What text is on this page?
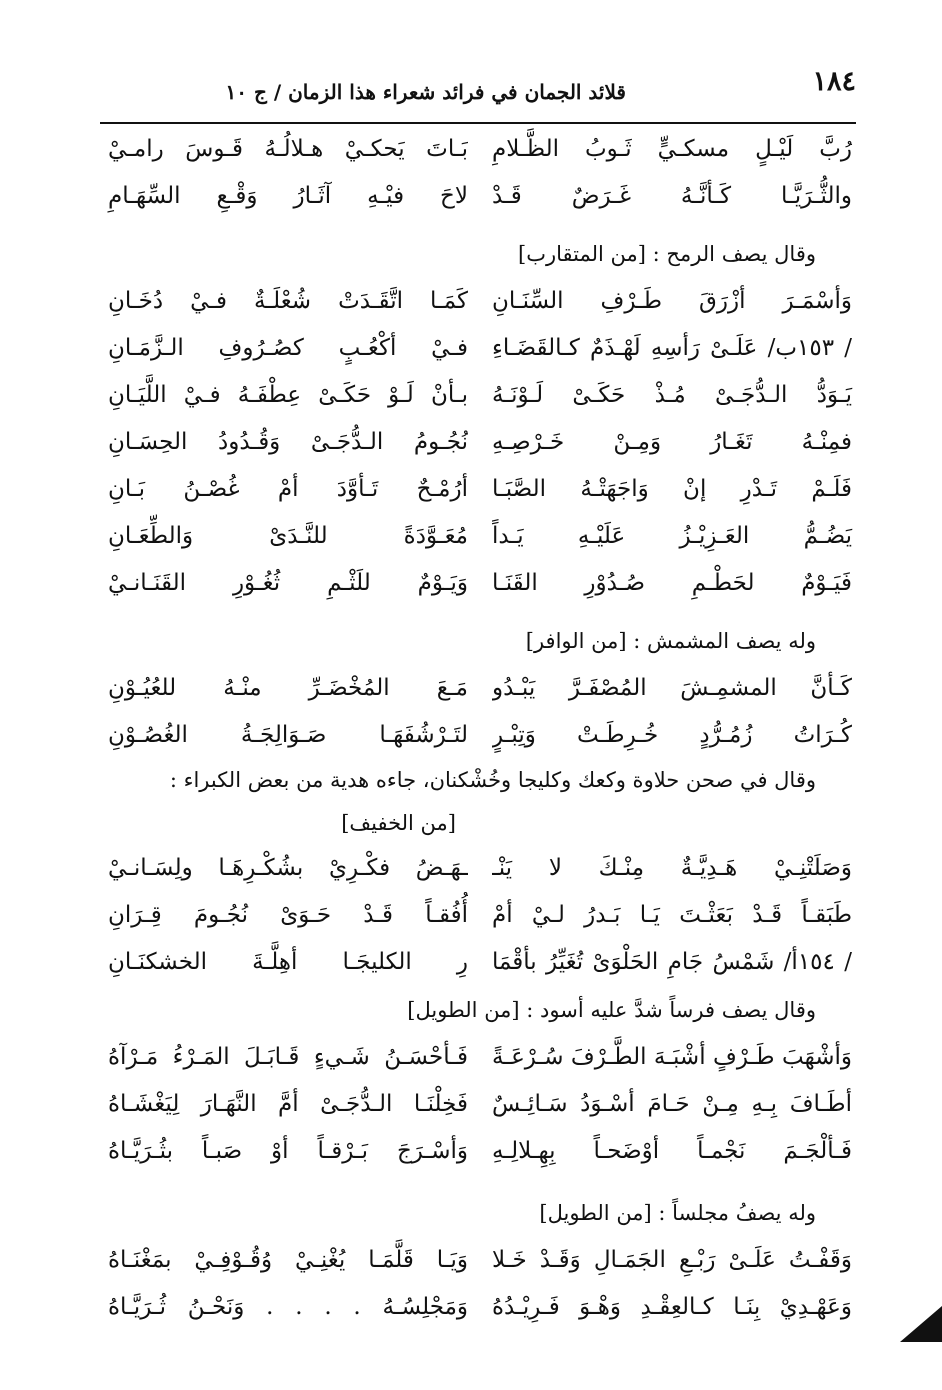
١٨٤
قلائد الجمان في فرائد شعراء هذا الزمان / ج ١٠
رُبَّ لَيْـلٍ مسكـيٍّ ثَـوبُ الظَّـلامِ
بَـاتَ يَحكـيْ هـلالُـهُ قَـوسَ رامـيْ
والثُّـرَيَّـا كَـأنَّـهُ غَـرَضٌ قَـدْ
لاحَ فيْـهِ آثَـارُ وَقْـعِ السِّهَـامِ
وقال يصف الرمح : [من المتقارب]
وَأسْمَـرَ أزْرَقَ طَـرْفِ السِّنَـانِ
كَمَـا اتَّقَـدَتْ شُعْلَـةٌ فـيْ دُخَـانِ
/ ١٥٣ب/ عَلَـىْ رَأسِهِ لَهْـذَمٌ كـالقَضَـاءِ
فـيْ أكْعُـبٍ كصُـرُوفِ الـزَّمَـانِ
يَـوَدُّ الـدُّجَـىْ مُـذْ حَكَـىْ لَـوْنَـهُ
بـأنْ لَـوْ حَكَـىْ عِطْفَـهُ فـيْ اللَّيَـانِ
فمِنْـهُ تَغَـارُ وَمِـنْ خَـرْصِـهِ
نُجُـومُ الـدُّجَـىْ وَقُـدُودُ الحِسَـانِ
فَلَـمْ تَـدْرِ إنْ وَاجَهَتْـهُ الصَّبَـا
أرُمْـحٌ تَـأوَّدَ أمْ غُصْـنُ بَـانِ
يَضُـمُّ العَـزِيْـزُ عَلَيْـهِ يَـداً
مُعَـوَّدَةً للنَّـدَىْ وَالطِّعَـانِ
فَيَـوْمٌ لحَطْـمِ صُـدُوْرِ القَنَـا
وَيَـوْمٌ للَثْـمِ ثُغُـوْرِ القَنَـانـيْ
وله يصف المشمش : [من الوافر]
كَـأنَّ المشمِـشَ المُصْفَـرَّ يَبْـدُو
مَـعَ المُخْضَـرِّ منْـهُ للعُيُـوْنِ
كُـرَاتُ زُمُـرُّدٍ خُـرِطَـتْ وَتِبْـرٍ
لتَـرْشُفَهَـا صَـوَالِجَـةُ الغُصُـوْنِ
وقال في صحن حلاوة وكعك وكليجا وخُشْكنان، جاءه هدية من بعض الكبراء :
[من الخفيف]
وَصَلَتْنِـيْ هَـدِيَّـةٌ مِنْـكَ لا يَنْـ
ـهَـضُ فكْـرِيْ بشُكْـرِهَـا ولِسَـانـيْ
طَبَقـاً قَـدْ بَعَثْـتَ يَـا بَـدرُ لـيْ أمْ
أُفُقـاً قَـدْ حَـوَىْ نُجُـومَ قِـرَانِ
/ ١٥٤أ/ شَمْسُ جَامِ الحَلْوَىْ تُغَيِّرُ بأقْمَا
رِ الكليجَـا أهِلَّـةَ الخشكنَـانِ
وقال يصف فرساً شدَّ عليه أسود : [من الطويل]
وَأشْهَبَ طَـرْفٍ أشْبَـهَ الطَّـرْفَ سُـرْعَـةً
فَـأحْسَـنُ شَـيءٍ قَـابَـلَ المَـرْءُ مَـرْآهُ
أطَـافَ بِـهِ مِـنْ حَـامَ أسْـوَدُ سَـائِـسٌ
فَخِلْنَـا الـدُّجَـىْ أمَّ النَّهَـارَ لِيَغْشَـاهُ
فَـألْجَـمَ نَجْمـاً أوْضَحـاً بِهِـلالِـهِ
وَأسْـرَجَ بَـرْقـاً أوْ صَبـاً بثُـرَيَّـاهُ
وله يصفُ مجلساً : [من الطويل]
وَقَفْـتُ عَلَـىْ رَبْـعِ الجَمَـالِ وَقَـدْ خَـلا
وَيَـا قَلَّمَـا يُغْنِـيْ وُقُـوْفِـيْ بمَغْنَـاهُ
وَعَهْـدِيْ بِنَـا كـالعِقْـدِ وَهْـوَ فَـرِيْـدُهُ
وَمَجْلِسُـهُ . . . . وَنَحْـنُ ثُـرَيَّـاهُ
